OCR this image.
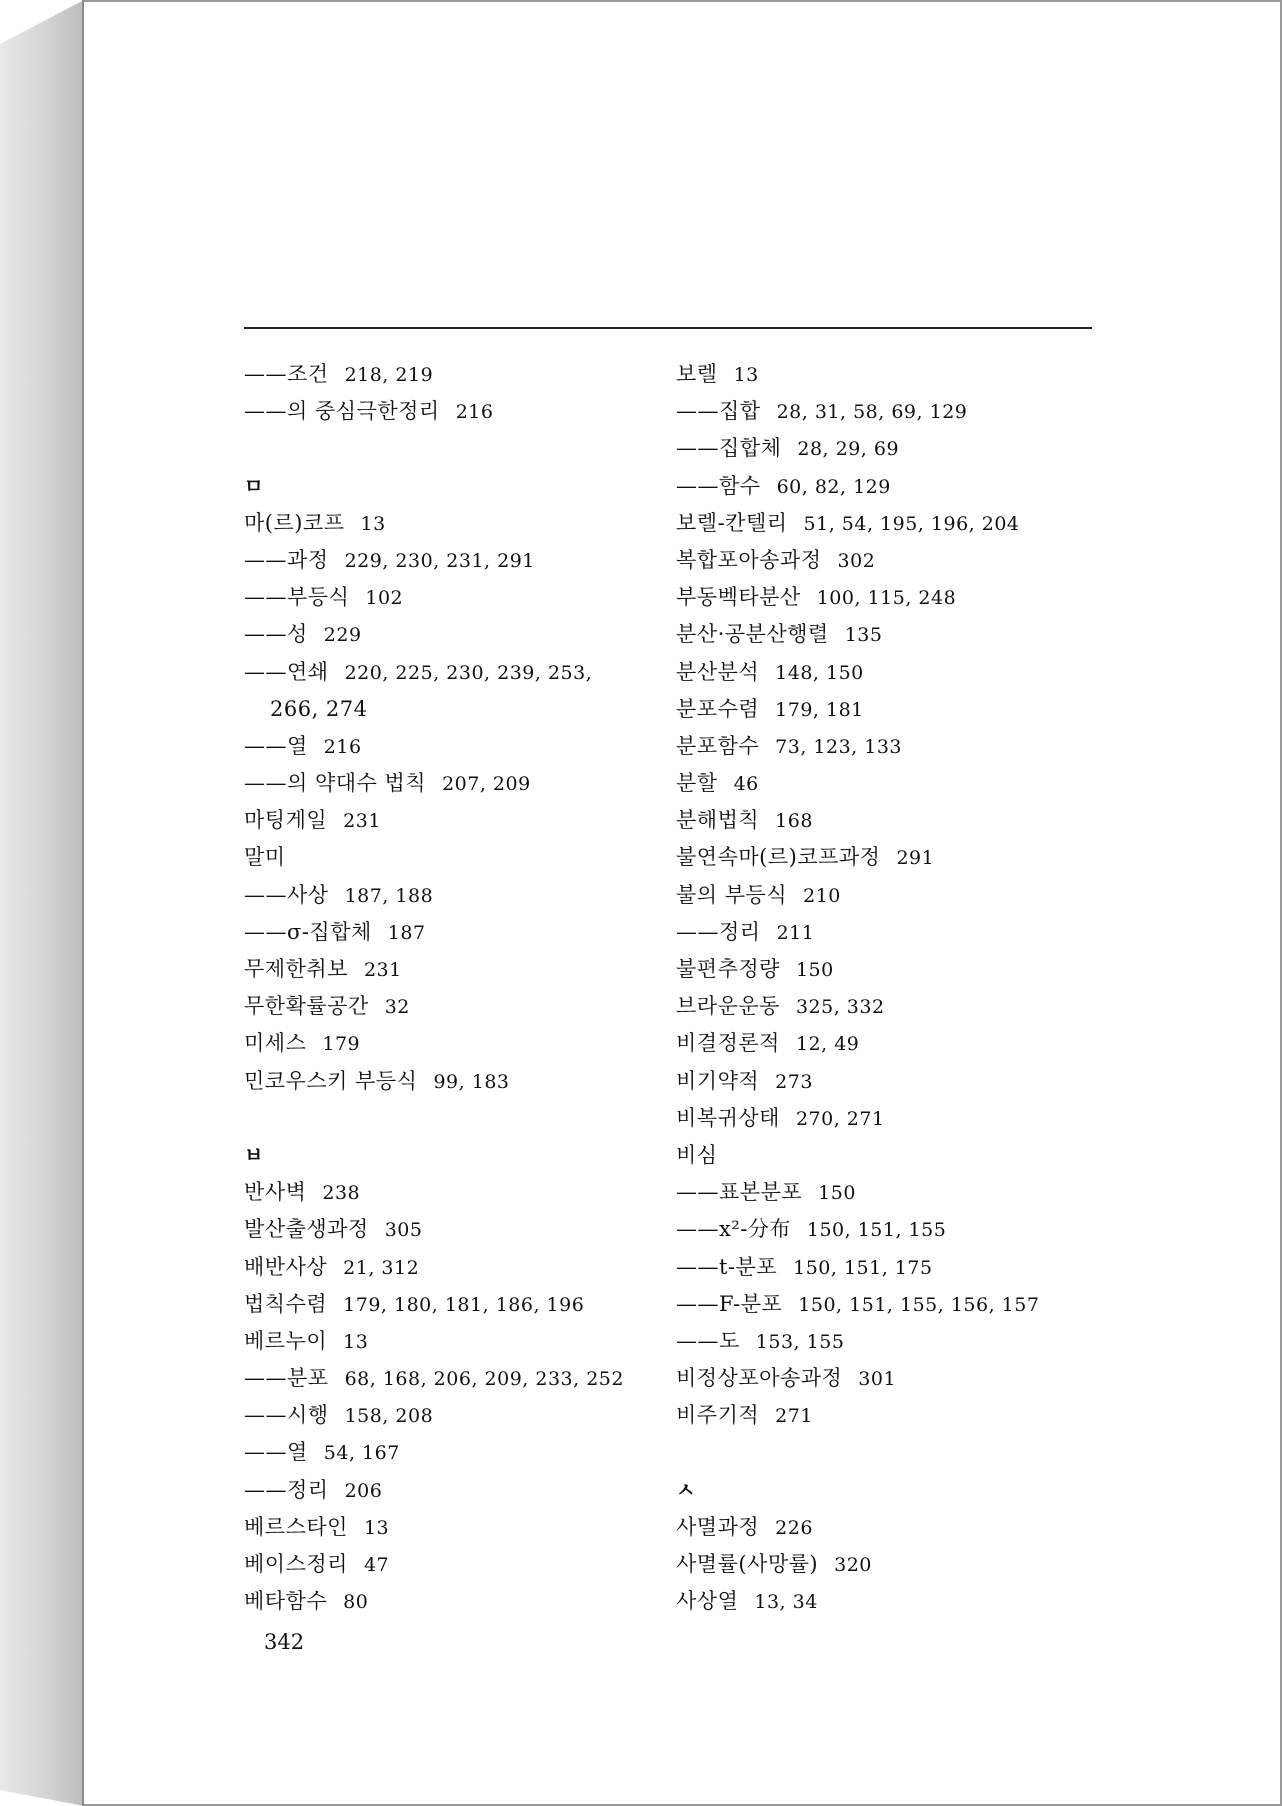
——조건 218, 219
——의 중심극한정리 216
ㅁ
마(르)코프 13
——과정 229, 230, 231, 291
——부등식 102
——성 229
——연쇄 220, 225, 230, 239, 253,
266, 274
——열 216
——의 약대수 법칙 207, 209
마팅게일 231
말미
——사상 187, 188
——σ-집합체 187
무제한취보 231
무한확률공간 32
미세스 179
민코우스키 부등식 99, 183
ㅂ
반사벽 238
발산출생과정 305
배반사상 21, 312
법칙수렴 179, 180, 181, 186, 196
베르누이 13
——분포 68, 168, 206, 209, 233, 252
——시행 158, 208
——열 54, 167
——정리 206
베르스타인 13
베이스정리 47
베타함수 80
보렐 13
——집합 28, 31, 58, 69, 129
——집합체 28, 29, 69
——함수 60, 82, 129
보렐-칸텔리 51, 54, 195, 196, 204
복합포아송과정 302
부동벡타분산 100, 115, 248
분산·공분산행렬 135
분산분석 148, 150
분포수렴 179, 181
분포함수 73, 123, 133
분할 46
분해법칙 168
불연속마(르)코프과정 291
불의 부등식 210
——정리 211
불편추정량 150
브라운운동 325, 332
비결정론적 12, 49
비기약적 273
비복귀상태 270, 271
비심
——표본분포 150
——x²-分布 150, 151, 155
——t-분포 150, 151, 175
——F-분포 150, 151, 155, 156, 157
——도 153, 155
비정상포아송과정 301
비주기적 271
ㅅ
사멸과정 226
사멸률(사망률) 320
사상열 13, 34
342
